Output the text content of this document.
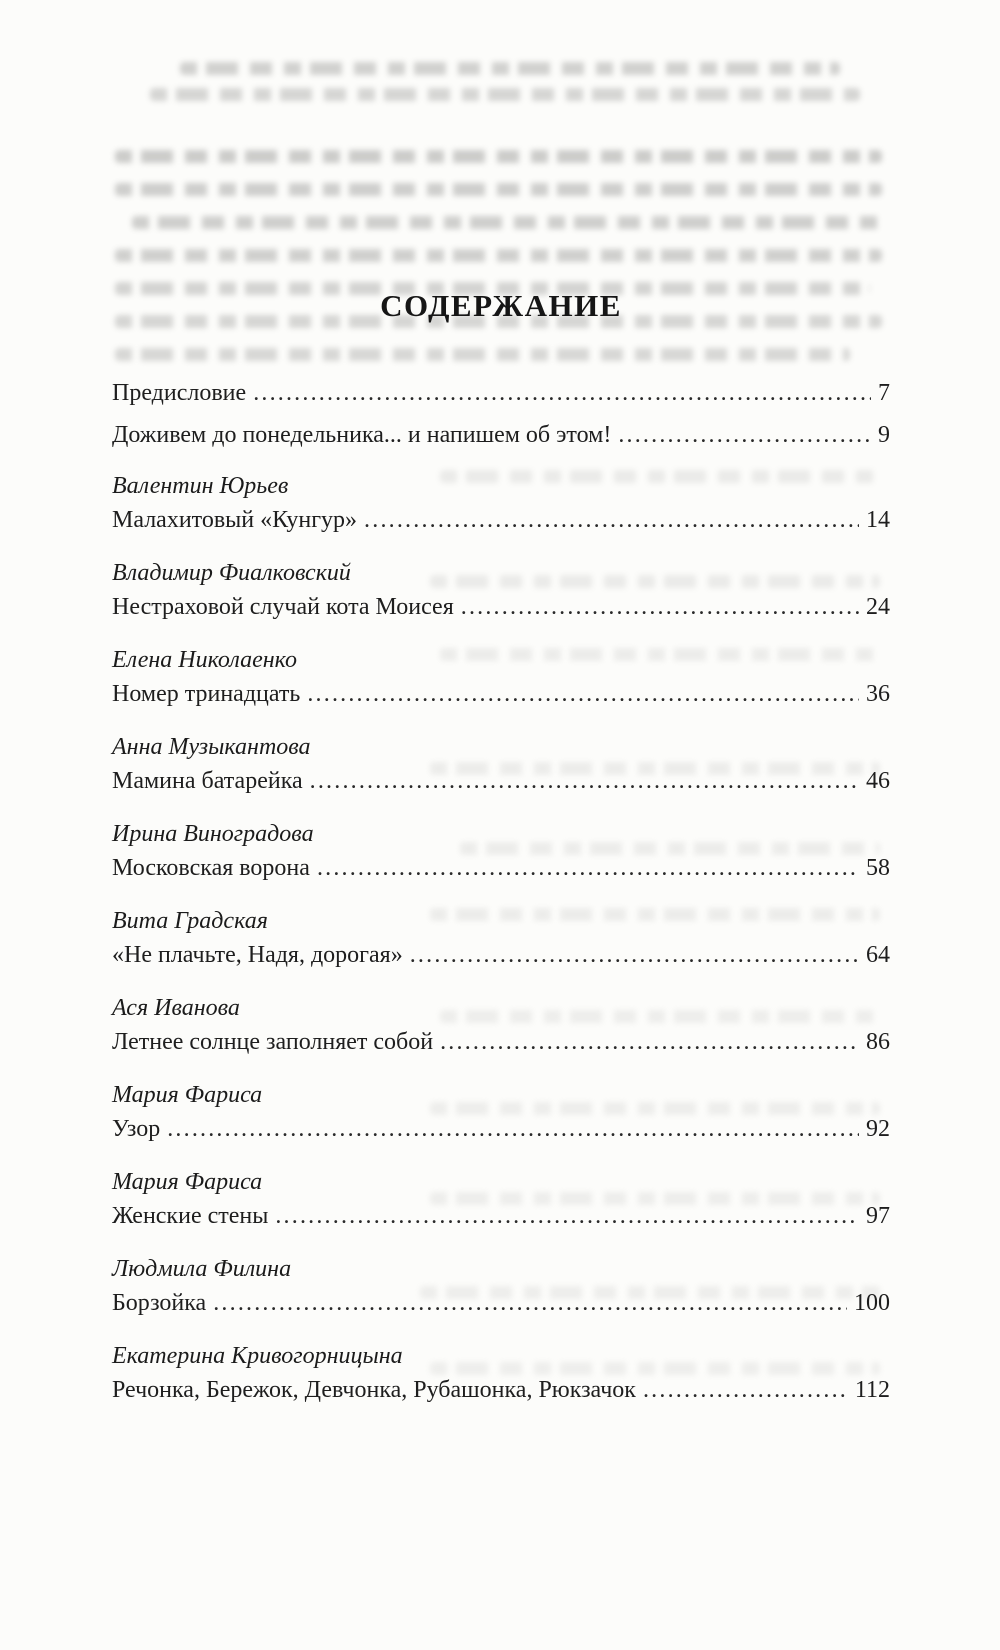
СОДЕРЖАНИЕ
Предисловие .....	7
Доживем до понедельника... и напишем об этом! .....	9
Валентин Юрьев
Малахитовый «Кунгур» .....	14
Владимир Фиалковский
Нестраховой случай кота Моисея .....	24
Елена Николаенко
Номер тринадцать .....	36
Анна Музыкантова
Мамина батарейка .....	46
Ирина Виноградова
Московская ворона .....	58
Вита Градская
«Не плачьте, Надя, дорогая» .....	64
Ася Иванова
Летнее солнце заполняет собой .....	86
Мария Фариса
Узор .....	92
Мария Фариса
Женские стены .....	97
Людмила Филина
Борзойка .....	100
Екатерина Кривогорницына
Речонка, Бережок, Девчонка, Рубашонка, Рюкзачок .....	112
